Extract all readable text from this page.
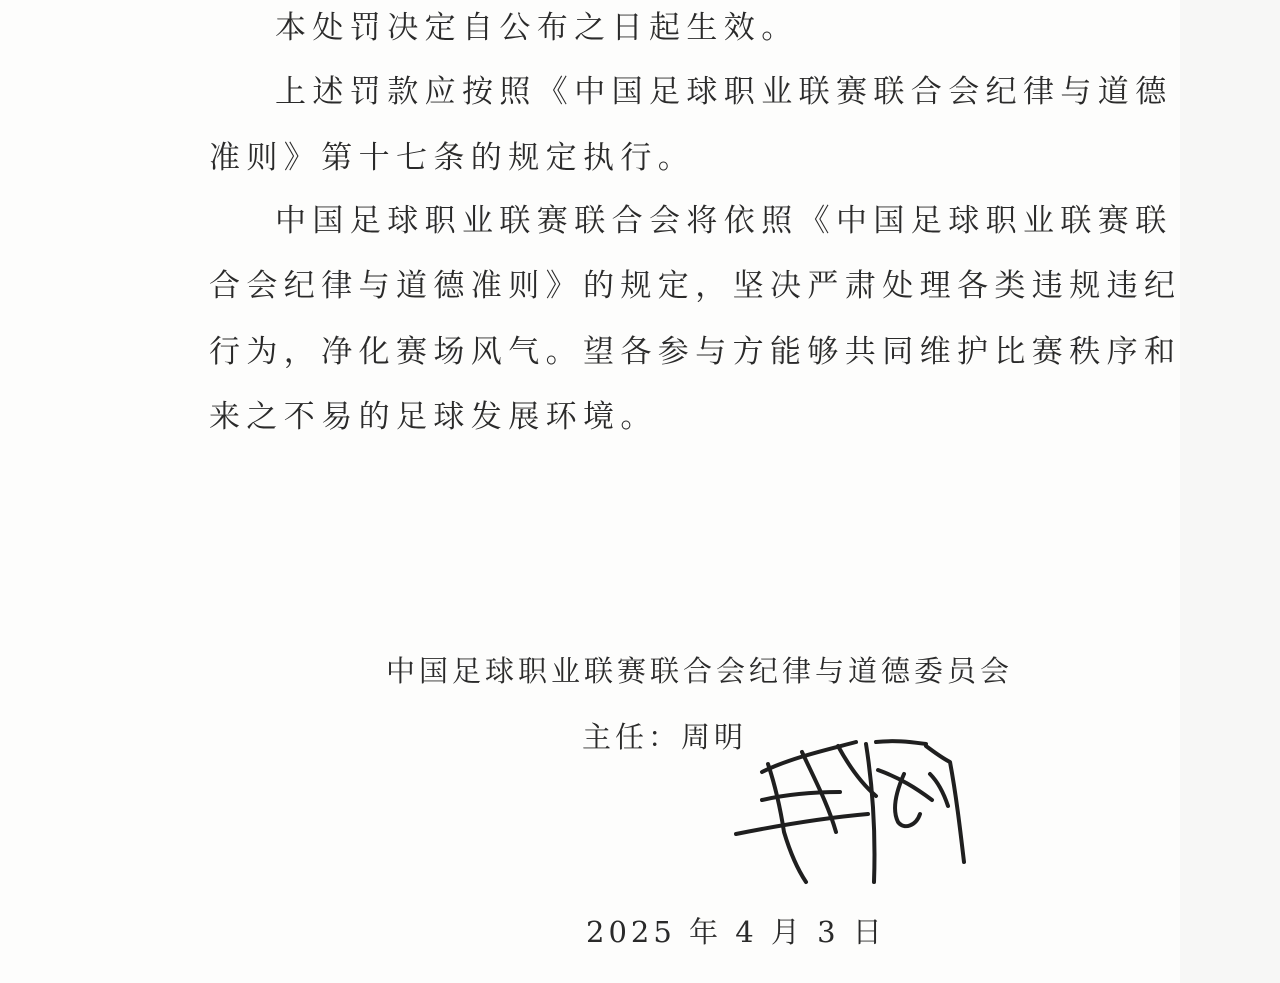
本处罚决定自公布之日起生效。
上述罚款应按照《中国足球职业联赛联合会纪律与道德
准则》第十七条的规定执行。
中国足球职业联赛联合会将依照《中国足球职业联赛联
合会纪律与道德准则》的规定，坚决严肃处理各类违规违纪
行为，净化赛场风气。望各参与方能够共同维护比赛秩序和
来之不易的足球发展环境。
中国足球职业联赛联合会纪律与道德委员会
主任：周明
2025 年 4 月 3 日
